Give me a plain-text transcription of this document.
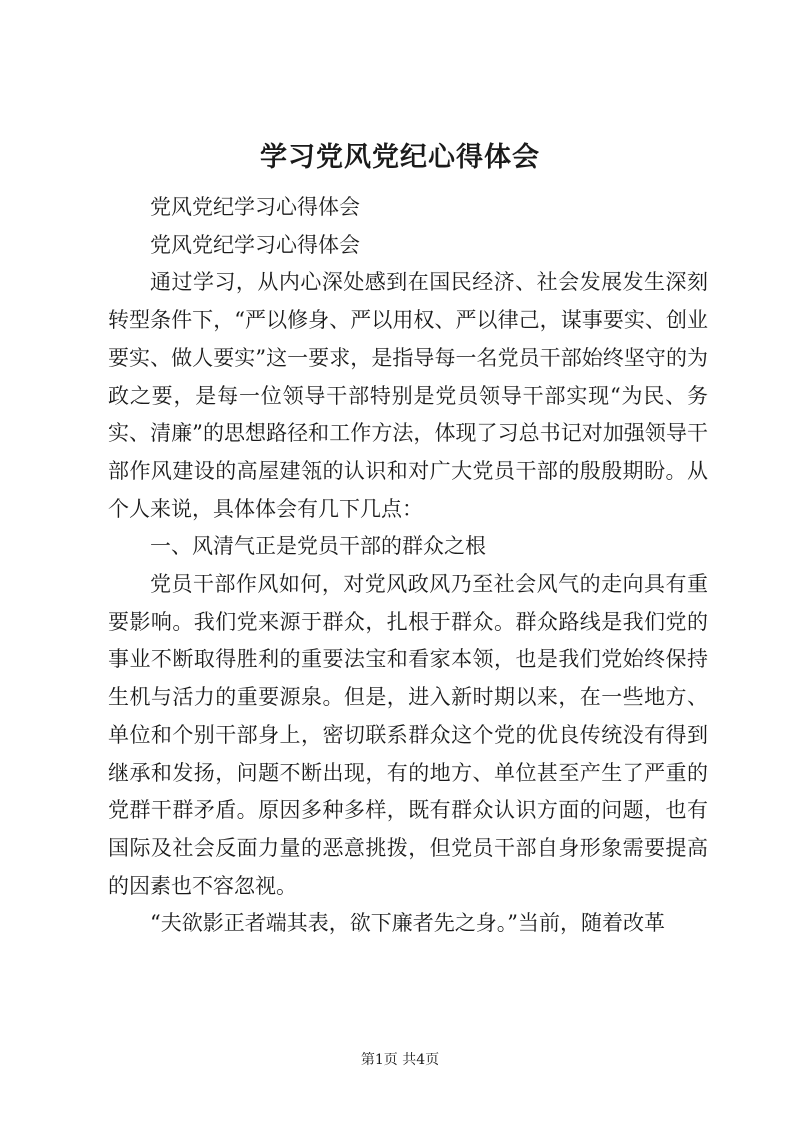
学习党风党纪心得体会

党风党纪学习心得体会

党风党纪学习心得体会

通过学习，从内心深处感到在国民经济、社会发展发生深刻转型条件下，“严以修身、严以用权、严以律己，谋事要实、创业要实、做人要实”这一要求，是指导每一名党员干部始终坚守的为政之要，是每一位领导干部特别是党员领导干部实现“为民、务实、清廉”的思想路径和工作方法，体现了习总书记对加强领导干部作风建设的高屋建瓴的认识和对广大党员干部的殷殷期盼。从个人来说，具体体会有几下几点：

一、风清气正是党员干部的群众之根

党员干部作风如何，对党风政风乃至社会风气的走向具有重要影响。我们党来源于群众，扎根于群众。群众路线是我们党的事业不断取得胜利的重要法宝和看家本领，也是我们党始终保持生机与活力的重要源泉。但是，进入新时期以来，在一些地方、单位和个别干部身上，密切联系群众这个党的优良传统没有得到继承和发扬，问题不断出现，有的地方、单位甚至产生了严重的党群干群矛盾。原因多种多样，既有群众认识方面的问题，也有国际及社会反面力量的恶意挑拨，但党员干部自身形象需要提高的因素也不容忽视。

“夫欲影正者端其表，欲下廉者先之身。”当前，随着改革

第1页 共4页
